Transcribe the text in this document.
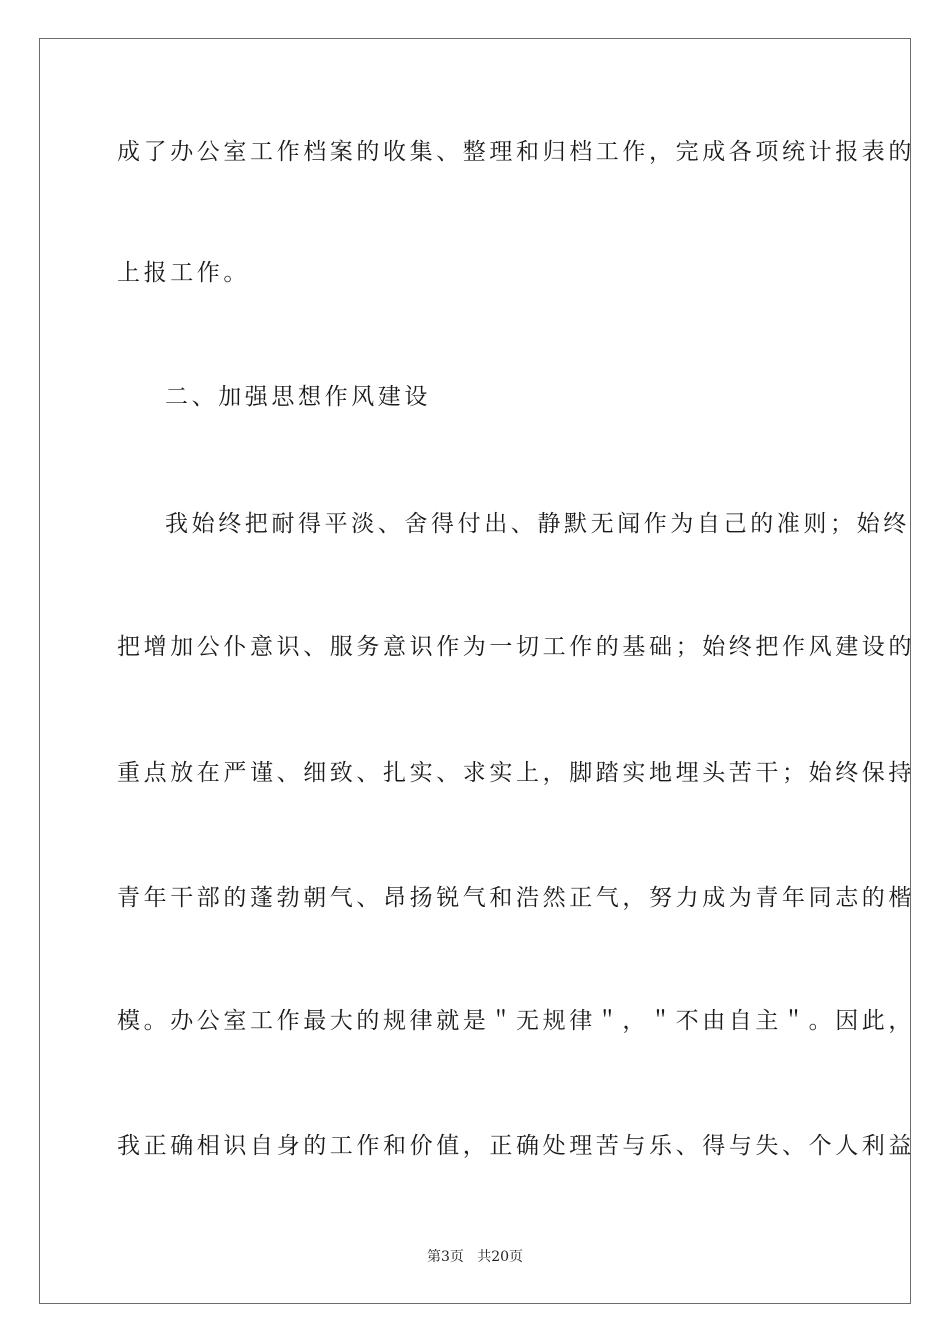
成了办公室工作档案的收集、整理和归档工作，完成各项统计报表的
上报工作。
二、加强思想作风建设
我始终把耐得平淡、舍得付出、静默无闻作为自己的准则；始终
把增加公仆意识、服务意识作为一切工作的基础；始终把作风建设的
重点放在严谨、细致、扎实、求实上，脚踏实地埋头苦干；始终保持
青年干部的蓬勃朝气、昂扬锐气和浩然正气，努力成为青年同志的楷
模。办公室工作最大的规律就是＂无规律＂，＂不由自主＂。因此，
我正确相识自身的工作和价值，正确处理苦与乐、得与失、个人利益
第3页   共20页
